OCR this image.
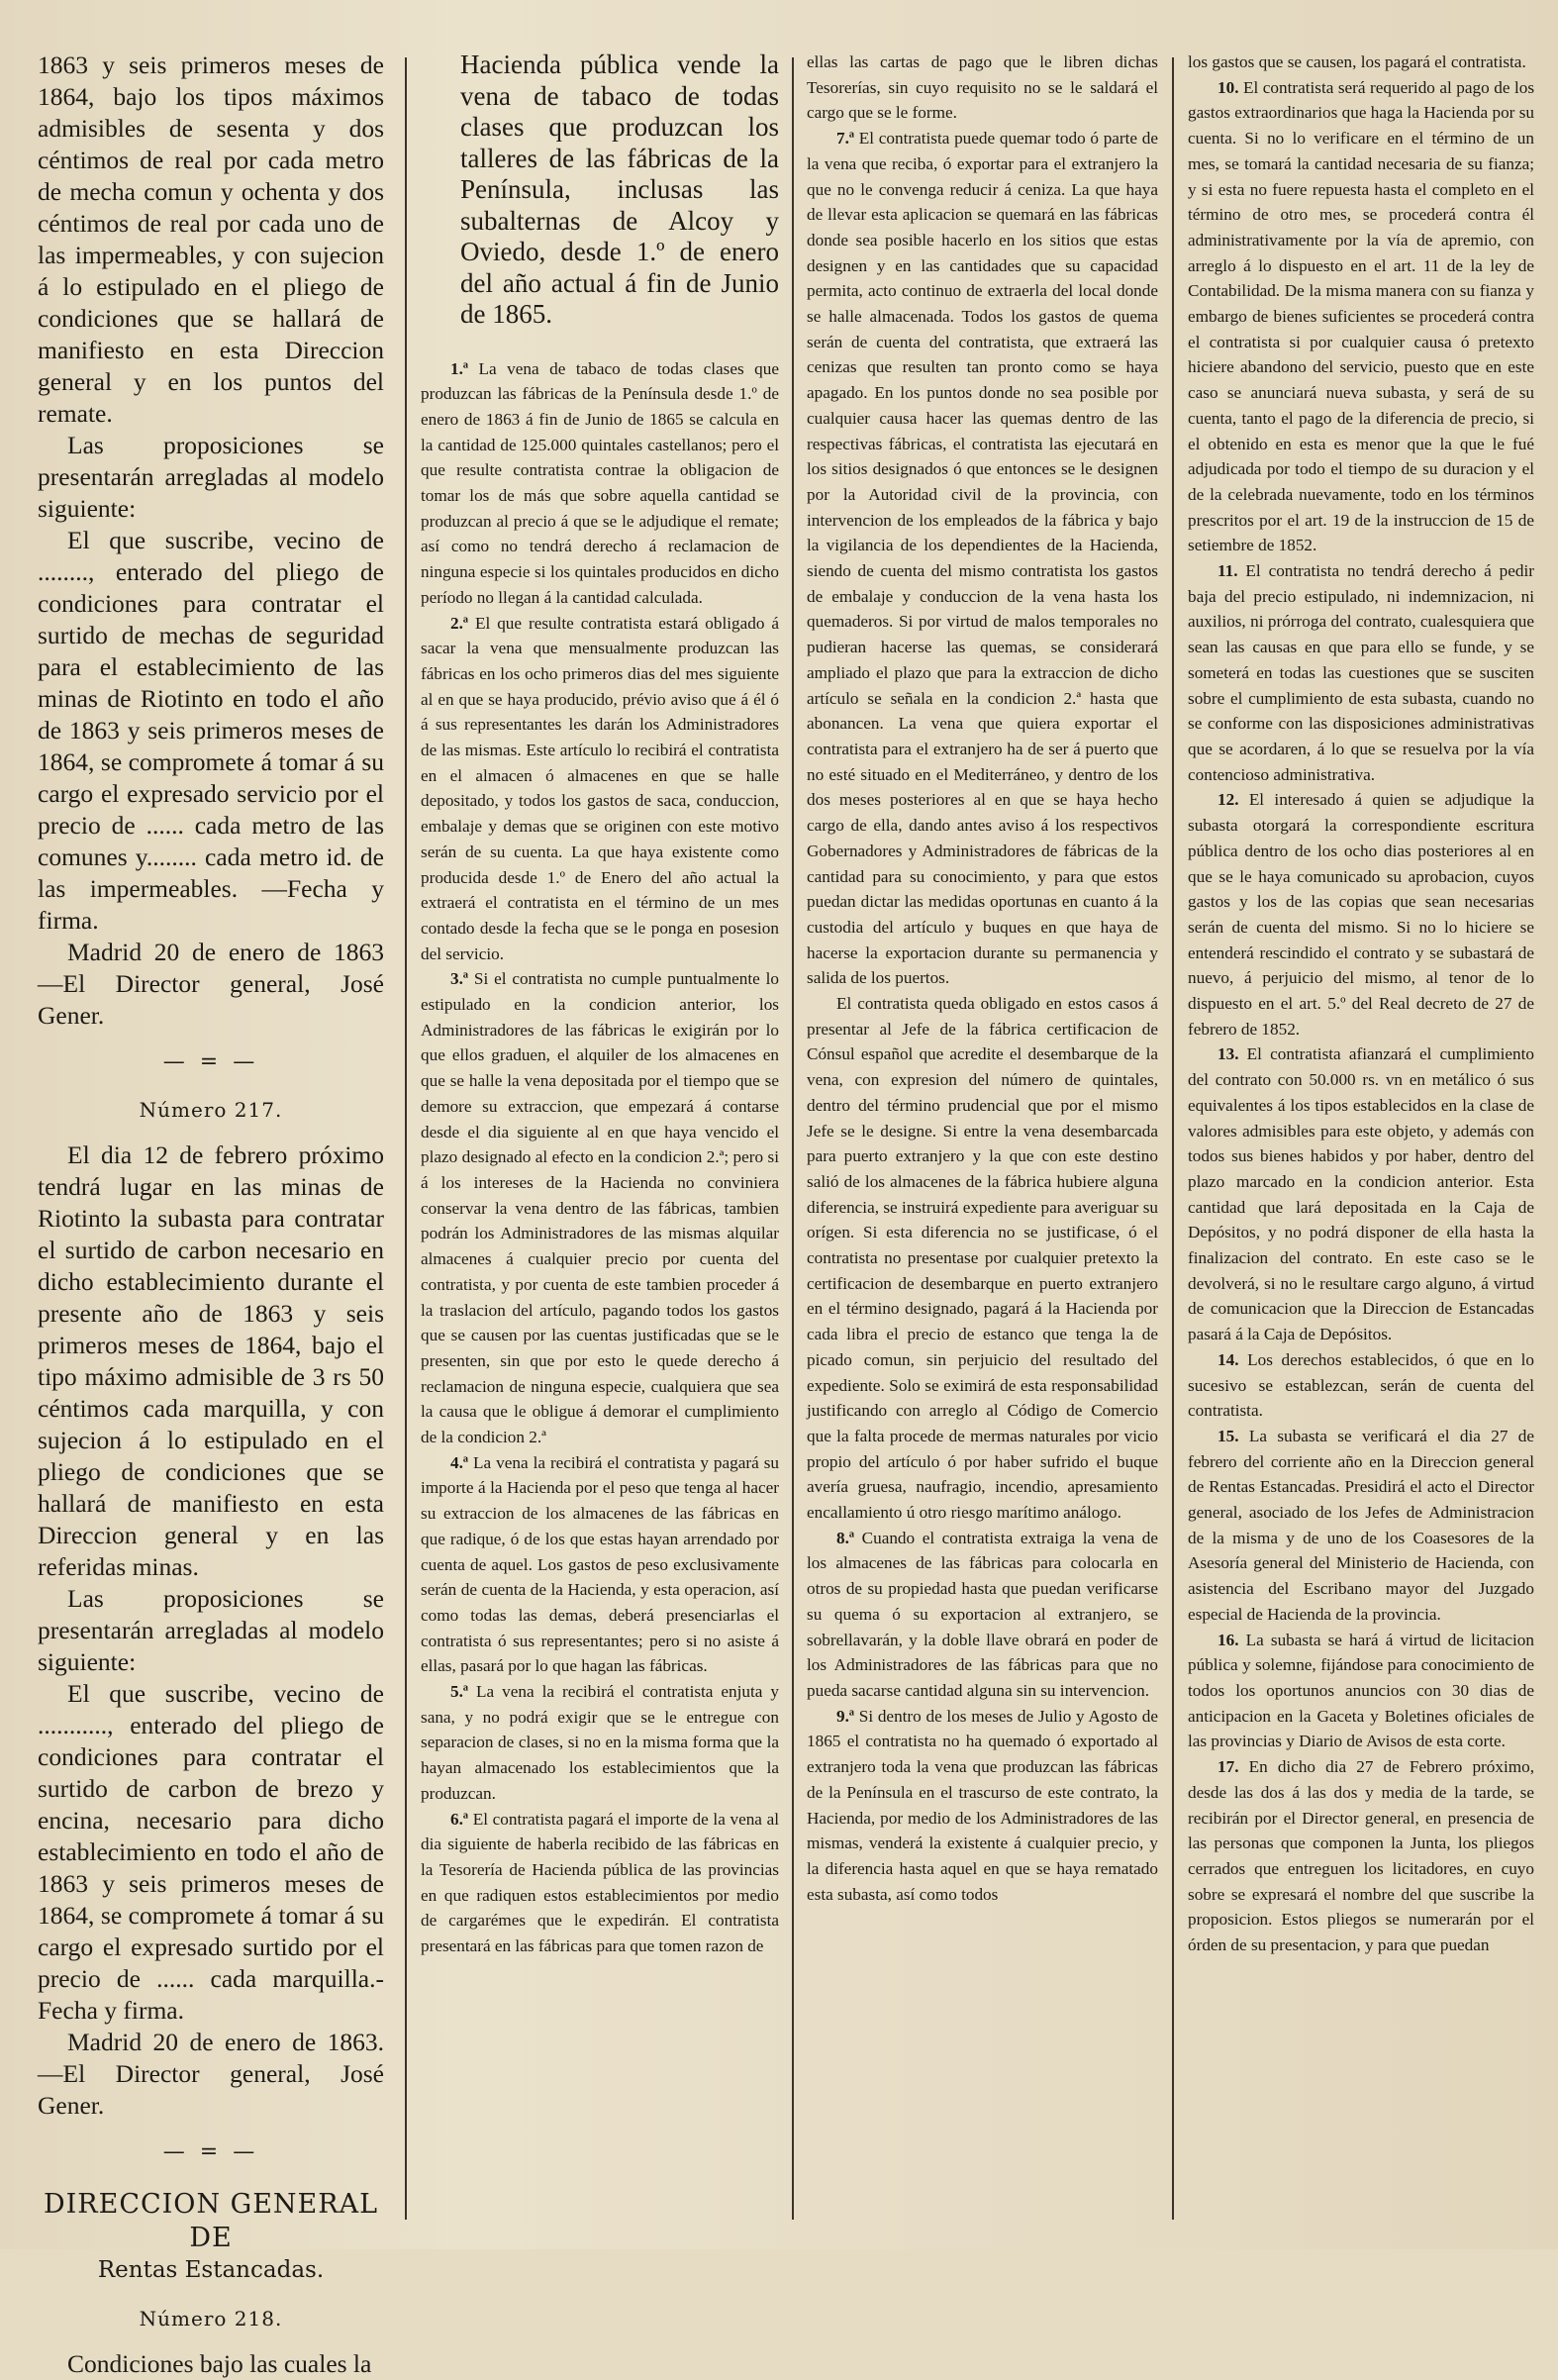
1863 y seis primeros meses de 1864, bajo los tipos máximos admisibles de sesenta y dos céntimos de real por cada metro de mecha comun y ochenta y dos céntimos de real por cada uno de las impermeables, y con sujecion á lo estipulado en el pliego de condiciones que se hallará de manifiesto en esta Direccion general y en los puntos del remate.

Las proposiciones se presentarán arregladas al modelo siguiente:

El que suscribe, vecino de ........, enterado del pliego de condiciones para contratar el surtido de mechas de seguridad para el establecimiento de las minas de Riotinto en todo el año de 1863 y seis primeros meses de 1864, se compromete á tomar á su cargo el expresado servicio por el precio de ...... cada metro de las comunes y........ cada metro id. de las impermeables. —Fecha y firma.

Madrid 20 de enero de 1863 —El Director general, José Gener.

— = —
Número 217.

El dia 12 de febrero próximo tendrá lugar en las minas de Riotinto la subasta para contratar el surtido de carbon necesario en dicho establecimiento durante el presente año de 1863 y seis primeros meses de 1864, bajo el tipo máximo admisible de 3 rs 50 céntimos cada marquilla, y con sujecion á lo estipulado en el pliego de condiciones que se hallará de manifiesto en esta Direccion general y en las referidas minas.

Las proposiciones se presentarán arregladas al modelo siguiente:

El que suscribe, vecino de ..........., enterado del pliego de condiciones para contratar el surtido de carbon de brezo y encina, necesario para dicho establecimiento en todo el año de 1863 y seis primeros meses de 1864, se compromete á tomar á su cargo el expresado surtido por el precio de ...... cada marquilla.-Fecha y firma.

Madrid 20 de enero de 1863. —El Director general, José Gener.

— = —
DIRECCION GENERAL DE
Rentas Estancadas.
Número 218.

Condiciones bajo las cuales la

Hacienda pública vende la vena de tabaco de todas clases que produzcan los talleres de las fábricas de la Península, inclusas las subalternas de Alcoy y Oviedo, desde 1.º de enero del año actual á fin de Junio de 1865.

1.ª La vena de tabaco de todas clases que produzcan las fábricas de la Península desde 1.º de enero de 1863 á fin de Junio de 1865 se calcula en la cantidad de 125.000 quintales castellanos; pero el que resulte contratista contrae la obligacion de tomar los de más que sobre aquella cantidad se produzcan al precio á que se le adjudique el remate; así como no tendrá derecho á reclamacion de ninguna especie si los quintales producidos en dicho período no llegan á la cantidad calculada.

2.ª El que resulte contratista estará obligado á sacar la vena que mensualmente produzcan las fábricas en los ocho primeros dias del mes siguiente al en que se haya producido, prévio aviso que á él ó á sus representantes les darán los Administradores de las mismas. Este artículo lo recibirá el contratista en el almacen ó almacenes en que se halle depositado, y todos los gastos de saca, conduccion, embalaje y demas que se originen con este motivo serán de su cuenta. La que haya existente como producida desde 1.º de Enero del año actual la extraerá el contratista en el término de un mes contado desde la fecha que se le ponga en posesion del servicio.

3.ª Si el contratista no cumple puntualmente lo estipulado en la condicion anterior, los Administradores de las fábricas le exigirán por lo que ellos graduen, el alquiler de los almacenes en que se halle la vena depositada por el tiempo que se demore su extraccion, que empezará á contarse desde el dia siguiente al en que haya vencido el plazo designado al efecto en la condicion 2.ª; pero si á los intereses de la Hacienda no conviniera conservar la vena dentro de las fábricas, tambien podrán los Administradores de las mismas alquilar almacenes á cualquier precio por cuenta del contratista, y por cuenta de este tambien proceder á la traslacion del artículo, pagando todos los gastos que se causen por las cuentas justificadas que se le presenten, sin que por esto le quede derecho á reclamacion de ninguna especie, cualquiera que sea la causa que le obligue á demorar el cumplimiento de la condicion 2.ª

4.ª La vena la recibirá el contratista y pagará su importe á la Hacienda por el peso que tenga al hacer su extraccion de los almacenes de las fábricas en que radique, ó de los que estas hayan arrendado por cuenta de aquel. Los gastos de peso exclusivamente serán de cuenta de la Hacienda, y esta operacion, así como todas las demas, deberá presenciarlas el contratista ó sus representantes; pero si no asiste á ellas, pasará por lo que hagan las fábricas.

5.ª La vena la recibirá el contratista enjuta y sana, y no podrá exigir que se le entregue con separacion de clases, si no en la misma forma que la hayan almacenado los establecimientos que la produzcan.

6.ª El contratista pagará el importe de la vena al dia siguiente de haberla recibido de las fábricas en la Tesorería de Hacienda pública de las provincias en que radiquen estos establecimientos por medio de cargarémes que le expedirán. El contratista presentará en las fábricas para que tomen razon de

ellas las cartas de pago que le libren dichas Tesorerías, sin cuyo requisito no se le saldará el cargo que se le forme.

7.ª El contratista puede quemar todo ó parte de la vena que reciba, ó exportar para el extranjero la que no le convenga reducir á ceniza. La que haya de llevar esta aplicacion se quemará en las fábricas donde sea posible hacerlo en los sitios que estas designen y en las cantidades que su capacidad permita, acto continuo de extraerla del local donde se halle almacenada. Todos los gastos de quema serán de cuenta del contratista, que extraerá las cenizas que resulten tan pronto como se haya apagado. En los puntos donde no sea posible por cualquier causa hacer las quemas dentro de las respectivas fábricas, el contratista las ejecutará en los sitios designados ó que entonces se le designen por la Autoridad civil de la provincia, con intervencion de los empleados de la fábrica y bajo la vigilancia de los dependientes de la Hacienda, siendo de cuenta del mismo contratista los gastos de embalaje y conduccion de la vena hasta los quemaderos. Si por virtud de malos temporales no pudieran hacerse las quemas, se considerará ampliado el plazo que para la extraccion de dicho artículo se señala en la condicion 2.ª hasta que abonancen. La vena que quiera exportar el contratista para el extranjero ha de ser á puerto que no esté situado en el Mediterráneo, y dentro de los dos meses posteriores al en que se haya hecho cargo de ella, dando antes aviso á los respectivos Gobernadores y Administradores de fábricas de la cantidad para su conocimiento, y para que estos puedan dictar las medidas oportunas en cuanto á la custodia del artículo y buques en que haya de hacerse la exportacion durante su permanencia y salida de los puertos.

El contratista queda obligado en estos casos á presentar al Jefe de la fábrica certificacion de Cónsul español que acredite el desembarque de la vena, con expresion del número de quintales, dentro del término prudencial que por el mismo Jefe se le designe. Si entre la vena desembarcada para puerto extranjero y la que con este destino salió de los almacenes de la fábrica hubiere alguna diferencia, se instruirá expediente para averiguar su orígen. Si esta diferencia no se justificase, ó el contratista no presentase por cualquier pretexto la certificacion de desembarque en puerto extranjero en el término designado, pagará á la Hacienda por cada libra el precio de estanco que tenga la de picado comun, sin perjuicio del resultado del expediente. Solo se eximirá de esta responsabilidad justificando con arreglo al Código de Comercio que la falta procede de mermas naturales por vicio propio del artículo ó por haber sufrido el buque avería gruesa, naufragio, incendio, apresamiento encallamiento ú otro riesgo marítimo análogo.

8.ª Cuando el contratista extraiga la vena de los almacenes de las fábricas para colocarla en otros de su propiedad hasta que puedan verificarse su quema ó su exportacion al extranjero, se sobrellavarán, y la doble llave obrará en poder de los Administradores de las fábricas para que no pueda sacarse cantidad alguna sin su intervencion.

9.ª Si dentro de los meses de Julio y Agosto de 1865 el contratista no ha quemado ó exportado al extranjero toda la vena que produzcan las fábricas de la Península en el trascurso de este contrato, la Hacienda, por medio de los Administradores de las mismas, venderá la existente á cualquier precio, y la diferencia hasta aquel en que se haya rematado esta subasta, así como todos

los gastos que se causen, los pagará el contratista.

10. El contratista será requerido al pago de los gastos extraordinarios que haga la Hacienda por su cuenta. Si no lo verificare en el término de un mes, se tomará la cantidad necesaria de su fianza; y si esta no fuere repuesta hasta el completo en el término de otro mes, se procederá contra él administrativamente por la vía de apremio, con arreglo á lo dispuesto en el art. 11 de la ley de Contabilidad. De la misma manera con su fianza y embargo de bienes suficientes se procederá contra el contratista si por cualquier causa ó pretexto hiciere abandono del servicio, puesto que en este caso se anunciará nueva subasta, y será de su cuenta, tanto el pago de la diferencia de precio, si el obtenido en esta es menor que la que le fué adjudicada por todo el tiempo de su duracion y el de la celebrada nuevamente, todo en los términos prescritos por el art. 19 de la instruccion de 15 de setiembre de 1852.

11. El contratista no tendrá derecho á pedir baja del precio estipulado, ni indemnizacion, ni auxilios, ni prórroga del contrato, cualesquiera que sean las causas en que para ello se funde, y se someterá en todas las cuestiones que se susciten sobre el cumplimiento de esta subasta, cuando no se conforme con las disposiciones administrativas que se acordaren, á lo que se resuelva por la vía contencioso administrativa.

12. El interesado á quien se adjudique la subasta otorgará la correspondiente escritura pública dentro de los ocho dias posteriores al en que se le haya comunicado su aprobacion, cuyos gastos y los de las copias que sean necesarias serán de cuenta del mismo. Si no lo hiciere se entenderá rescindido el contrato y se subastará de nuevo, á perjuicio del mismo, al tenor de lo dispuesto en el art. 5.º del Real decreto de 27 de febrero de 1852.

13. El contratista afianzará el cumplimiento del contrato con 50.000 rs. vn en metálico ó sus equivalentes á los tipos establecidos en la clase de valores admisibles para este objeto, y además con todos sus bienes habidos y por haber, dentro del plazo marcado en la condicion anterior. Esta cantidad que lará depositada en la Caja de Depósitos, y no podrá disponer de ella hasta la finalizacion del contrato. En este caso se le devolverá, si no le resultare cargo alguno, á virtud de comunicacion que la Direccion de Estancadas pasará á la Caja de Depósitos.

14. Los derechos establecidos, ó que en lo sucesivo se establezcan, serán de cuenta del contratista.

15. La subasta se verificará el dia 27 de febrero del corriente año en la Direccion general de Rentas Estancadas. Presidirá el acto el Director general, asociado de los Jefes de Administracion de la misma y de uno de los Coasesores de la Asesoría general del Ministerio de Hacienda, con asistencia del Escribano mayor del Juzgado especial de Hacienda de la provincia.

16. La subasta se hará á virtud de licitacion pública y solemne, fijándose para conocimiento de todos los oportunos anuncios con 30 dias de anticipacion en la Gaceta y Boletines oficiales de las provincias y Diario de Avisos de esta corte.

17. En dicho dia 27 de Febrero próximo, desde las dos á las dos y media de la tarde, se recibirán por el Director general, en presencia de las personas que componen la Junta, los pliegos cerrados que entreguen los licitadores, en cuyo sobre se expresará el nombre del que suscribe la proposicion. Estos pliegos se numerarán por el órden de su presentacion, y para que puedan
